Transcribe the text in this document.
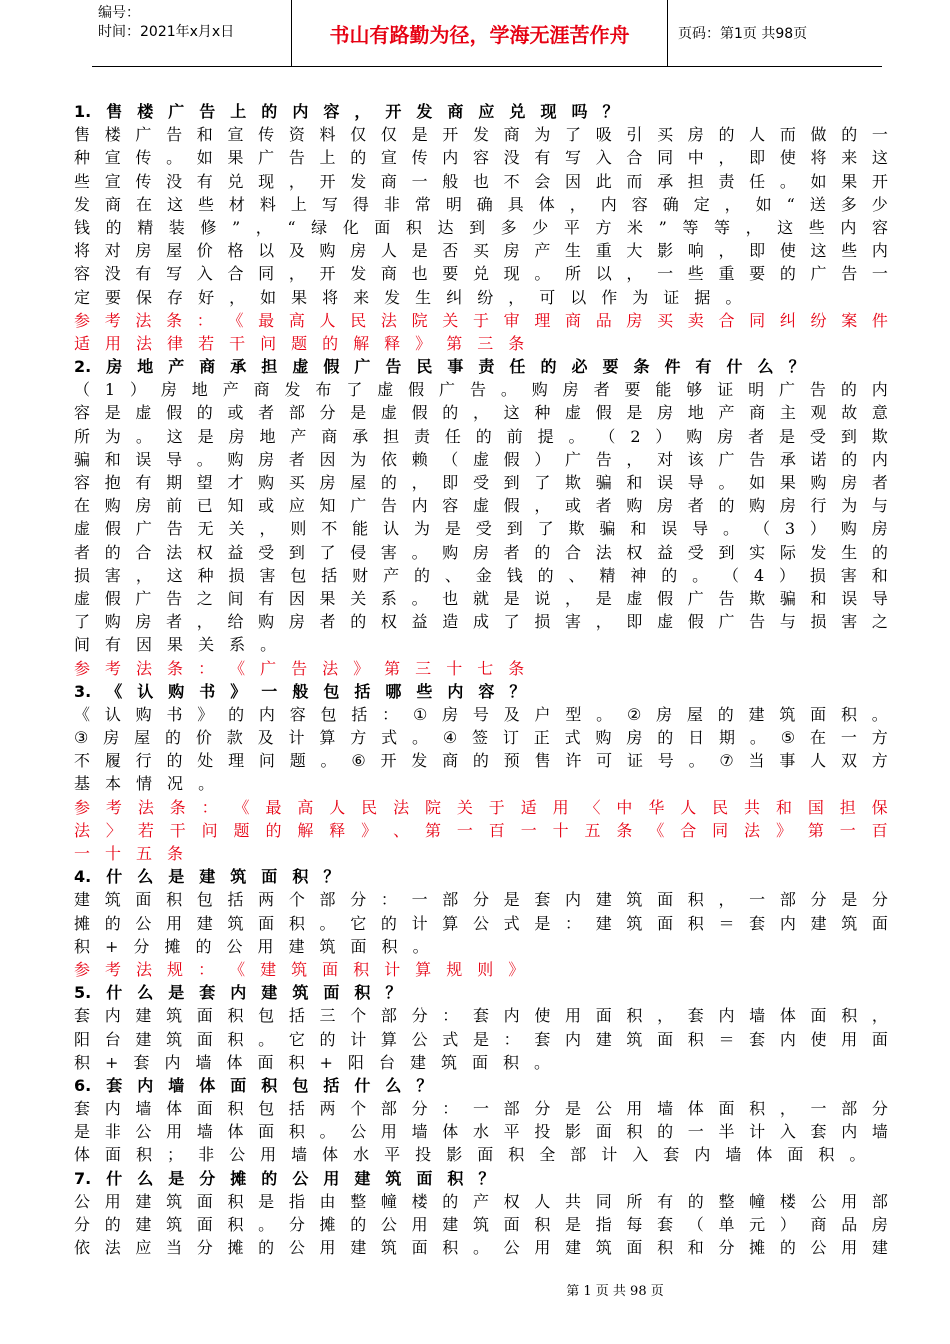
编号：
时间：2021年x月x日	书山有路勤为径，学海无涯苦作舟	页码：第1页 共98页
1. 售 楼 广 告 上 的 内 容 ， 开 发 商 应 兑 现 吗 ？
售 楼 广 告 和 宣 传 资 料 仅 仅 是 开 发 商 为 了 吸 引 买 房 的 人 而 做 的 一
种 宣 传 。 如 果 广 告 上 的 宣 传 内 容 没 有 写 入 合 同 中 ， 即 使 将 来 这
些 宣 传 没 有 兑 现 ， 开 发 商 一 般 也 不 会 因 此 而 承 担 责 任 。 如 果 开
发 商 在 这 些 材 料 上 写 得 非 常 明 确 具 体 ， 内 容 确 定 ， 如 “ 送 多 少
钱 的 精 装 修 ” ， “ 绿 化 面 积 达 到 多 少 平 方 米 ” 等 等 ， 这 些 内 容
将 对 房 屋 价 格 以 及 购 房 人 是 否 买 房 产 生 重 大 影 响 ， 即 使 这 些 内
容 没 有 写 入 合 同 ， 开 发 商 也 要 兑 现 。 所 以 ， 一 些 重 要 的 广 告 一
定 要 保 存 好 ， 如 果 将 来 发 生 纠 纷 ， 可 以 作 为 证 据 。
参 考 法 条 ： 《 最 高 人 民 法 院 关 于 审 理 商 品 房 买 卖 合 同 纠 纷 案 件
适 用 法 律 若 干 问 题 的 解 释 》 第 三 条
2. 房 地 产 商 承 担 虚 假 广 告 民 事 责 任 的 必 要 条 件 有 什 么 ？
（ 1 ） 房 地 产 商 发 布 了 虚 假 广 告 。 购 房 者 要 能 够 证 明 广 告 的 内
容 是 虚 假 的 或 者 部 分 是 虚 假 的 ， 这 种 虚 假 是 房 地 产 商 主 观 故 意
所 为 。 这 是 房 地 产 商 承 担 责 任 的 前 提 。 （ 2 ） 购 房 者 是 受 到 欺
骗 和 误 导 。 购 房 者 因 为 依 赖 （ 虚 假 ） 广 告 ， 对 该 广 告 承 诺 的 内
容 抱 有 期 望 才 购 买 房 屋 的 ， 即 受 到 了 欺 骗 和 误 导 。 如 果 购 房 者
在 购 房 前 已 知 或 应 知 广 告 内 容 虚 假 ， 或 者 购 房 者 的 购 房 行 为 与
虚 假 广 告 无 关 ， 则 不 能 认 为 是 受 到 了 欺 骗 和 误 导 。 （ 3 ） 购 房
者 的 合 法 权 益 受 到 了 侵 害 。 购 房 者 的 合 法 权 益 受 到 实 际 发 生 的
损 害 ， 这 种 损 害 包 括 财 产 的 、 金 钱 的 、 精 神 的 。 （ 4 ） 损 害 和
虚 假 广 告 之 间 有 因 果 关 系 。 也 就 是 说 ， 是 虚 假 广 告 欺 骗 和 误 导
了 购 房 者 ， 给 购 房 者 的 权 益 造 成 了 损 害 ， 即 虚 假 广 告 与 损 害 之
间 有 因 果 关 系 。
参 考 法 条 ： 《 广 告 法 》 第 三 十 七 条
3. 《 认 购 书 》 一 般 包 括 哪 些 内 容 ？
《 认 购 书 》 的 内 容 包 括 ： ① 房 号 及 户 型 。 ② 房 屋 的 建 筑 面 积 。
③ 房 屋 的 价 款 及 计 算 方 式 。 ④ 签 订 正 式 购 房 的 日 期 。 ⑤ 在 一 方
不 履 行 的 处 理 问 题 。 ⑥ 开 发 商 的 预 售 许 可 证 号 。 ⑦ 当 事 人 双 方
基 本 情 况 。
参 考 法 条 ： 《 最 高 人 民 法 院 关 于 适 用 〈 中 华 人 民 共 和 国 担 保
法 〉 若 干 问 题 的 解 释 》 、 第 一 百 一 十 五 条 《 合 同 法 》 第 一 百
一 十 五 条
4. 什 么 是 建 筑 面 积 ？
建 筑 面 积 包 括 两 个 部 分 ： 一 部 分 是 套 内 建 筑 面 积 ， 一 部 分 是 分
摊 的 公 用 建 筑 面 积 。 它 的 计 算 公 式 是 ： 建 筑 面 积 ＝ 套 内 建 筑 面
积 + 分 摊 的 公 用 建 筑 面 积 。
参 考 法 规 ： 《 建 筑 面 积 计 算 规 则 》
5. 什 么 是 套 内 建 筑 面 积 ？
套 内 建 筑 面 积 包 括 三 个 部 分 ： 套 内 使 用 面 积 ， 套 内 墙 体 面 积 ，
阳 台 建 筑 面 积 。 它 的 计 算 公 式 是 ： 套 内 建 筑 面 积 ＝ 套 内 使 用 面
积 + 套 内 墙 体 面 积 + 阳 台 建 筑 面 积 。
6. 套 内 墙 体 面 积 包 括 什 么 ？
套 内 墙 体 面 积 包 括 两 个 部 分 ： 一 部 分 是 公 用 墙 体 面 积 ， 一 部 分
是 非 公 用 墙 体 面 积 。 公 用 墙 体 水 平 投 影 面 积 的 一 半 计 入 套 内 墙
体 面 积 ； 非 公 用 墙 体 水 平 投 影 面 积 全 部 计 入 套 内 墙 体 面 积 。
7. 什 么 是 分 摊 的 公 用 建 筑 面 积 ？
公 用 建 筑 面 积 是 指 由 整 幢 楼 的 产 权 人 共 同 所 有 的 整 幢 楼 公 用 部
分 的 建 筑 面 积 。 分 摊 的 公 用 建 筑 面 积 是 指 每 套 （ 单 元 ） 商 品 房
依 法 应 当 分 摊 的 公 用 建 筑 面 积 。 公 用 建 筑 面 积 和 分 摊 的 公 用 建
第 1 页 共 98 页
